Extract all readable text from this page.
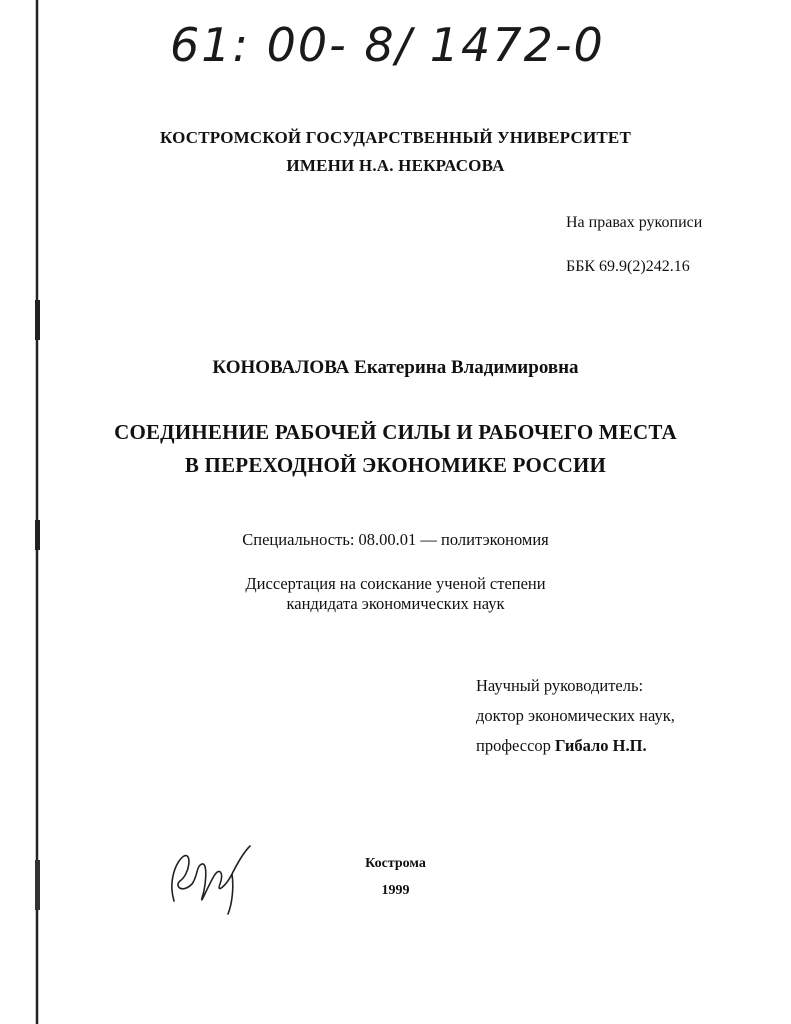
61: 00- 8/ 1472-0
КОСТРОМСКОЙ ГОСУДАРСТВЕННЫЙ УНИВЕРСИТЕТ
ИМЕНИ Н.А. НЕКРАСОВА
На правах рукописи
ББК 69.9(2)242.16
КОНОВАЛОВА Екатерина Владимировна
СОЕДИНЕНИЕ РАБОЧЕЙ СИЛЫ И РАБОЧЕГО МЕСТА
В ПЕРЕХОДНОЙ ЭКОНОМИКЕ РОССИИ
Специальность: 08.00.01 — политэкономия
Диссертация на соискание ученой степени
кандидата экономических наук
Научный руководитель:
доктор экономических наук,
профессор Гибало Н.П.
Кострома
1999
